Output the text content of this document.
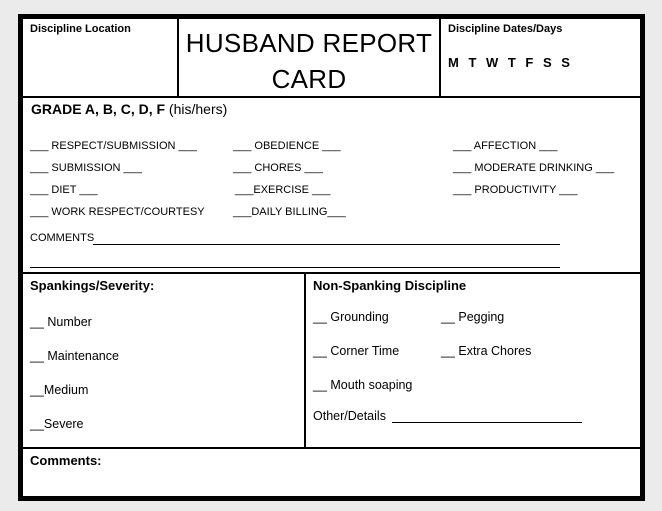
Discipline Location HUSBAND REPORT
CARD
Discipline Dates/Days
M T W T F S S
GRADE A, B, C, D, F (his/hers)
___ RESPECT/SUBMISSION ___	___ OBEDIENCE ___	___ AFFECTION ___
___ SUBMISSION ___	___ CHORES ___	___ MODERATE DRINKING ___
___ DIET ___	___EXERCISE ___	___ PRODUCTIVITY ___
___ WORK RESPECT/COURTESY	___DAILY BILLING___
COMMENTS
Spankings/Severity:
__ Number
__ Maintenance
__Medium
__Severe
Non-Spanking Discipline
__ Grounding	__ Pegging
__ Corner Time	__ Extra Chores
__ Mouth soaping
Other/Details
Comments:
